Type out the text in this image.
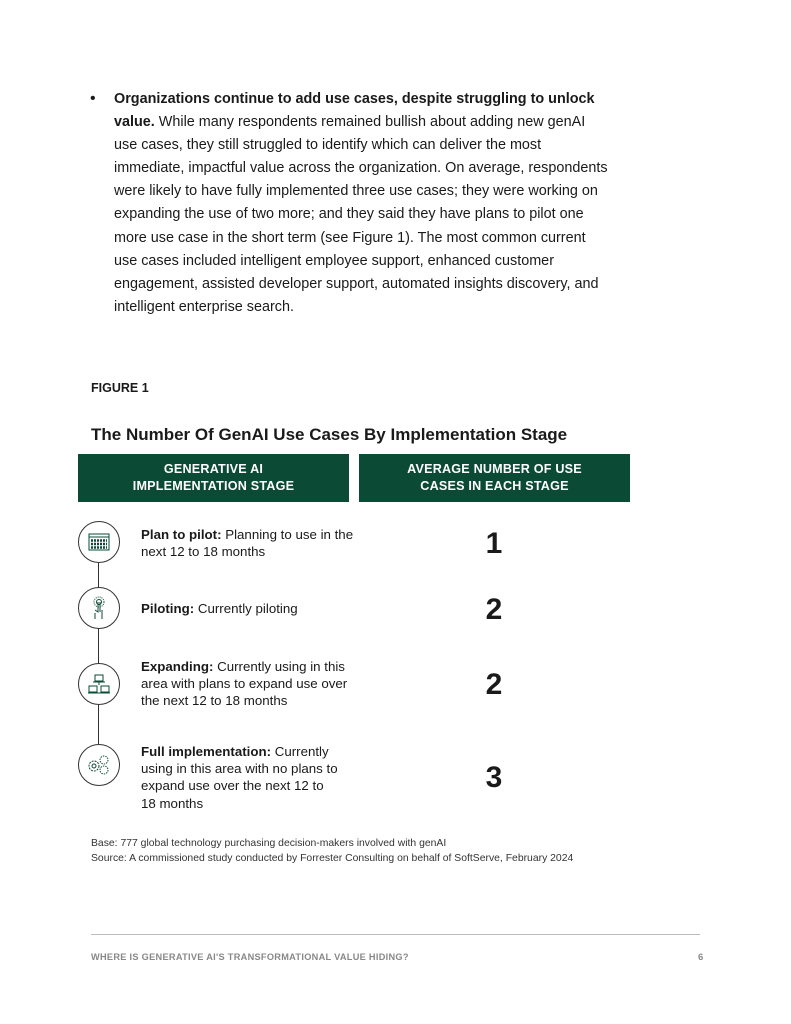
• Organizations continue to add use cases, despite struggling to unlock value. While many respondents remained bullish about adding new genAI use cases, they still struggled to identify which can deliver the most immediate, impactful value across the organization. On average, respondents were likely to have fully implemented three use cases; they were working on expanding the use of two more; and they said they have plans to pilot one more use case in the short term (see Figure 1). The most common current use cases included intelligent employee support, enhanced customer engagement, assisted developer support, automated insights discovery, and intelligent enterprise search.

FIGURE 1
The Number Of GenAI Use Cases By Implementation Stage
GENERATIVE AI IMPLEMENTATION STAGE
AVERAGE NUMBER OF USE CASES IN EACH STAGE
Plan to pilot: Planning to use in the next 12 to 18 months
Piloting: Currently piloting
Expanding: Currently using in this area with plans to expand use over the next 12 to 18 months
Full implementation: Currently using in this area with no plans to expand use over the next 12 to 18 months
1
2
2
3
Base: 777 global technology purchasing decision-makers involved with genAI
Source: A commissioned study conducted by Forrester Consulting on behalf of SoftServe, February 2024
WHERE IS GENERATIVE AI'S TRANSFORMATIONAL VALUE HIDING?	6
